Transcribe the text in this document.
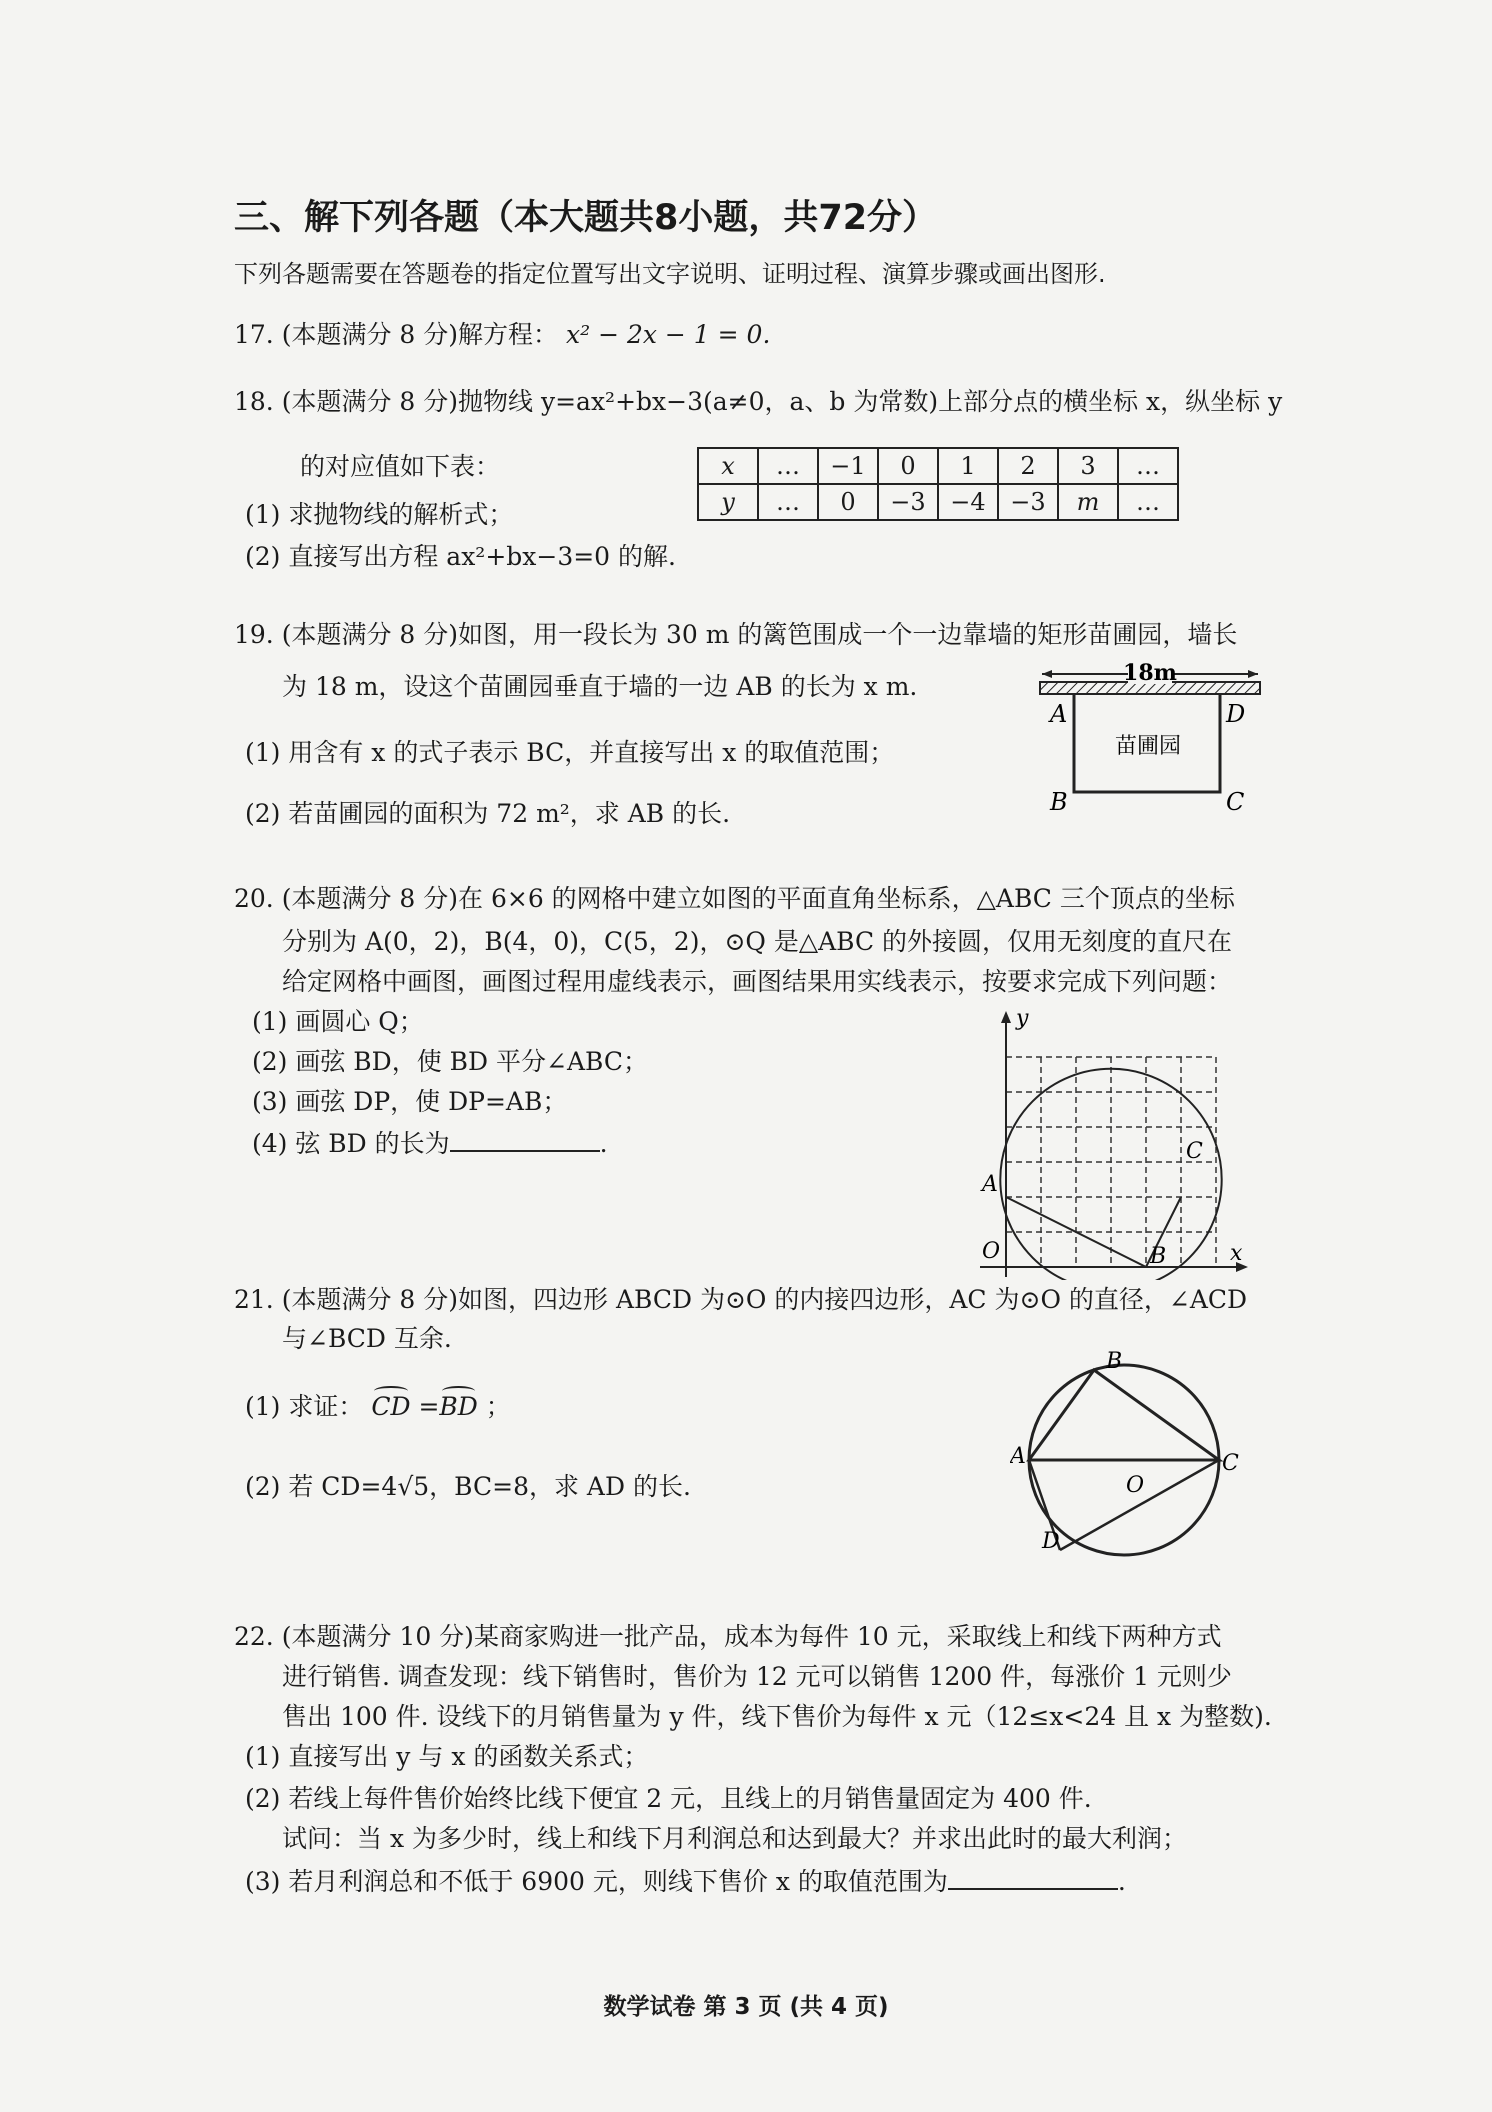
三、解下列各题（本大题共8小题，共72分）
下列各题需要在答题卷的指定位置写出文字说明、证明过程、演算步骤或画出图形.
17. (本题满分 8 分)解方程： x² − 2x − 1 = 0.
18. (本题满分 8 分)抛物线 y=ax²+bx−3(a≠0，a、b 为常数)上部分点的横坐标 x，纵坐标 y
的对应值如下表：
(1) 求抛物线的解析式；
(2) 直接写出方程 ax²+bx−3=0 的解.
x	…	−1	0	1	2	3	…
y	…	0	−3	−4	−3	m	…
19. (本题满分 8 分)如图，用一段长为 30 m 的篱笆围成一个一边靠墙的矩形苗圃园，墙长
为 18 m，设这个苗圃园垂直于墙的一边 AB 的长为 x m.
(1) 用含有 x 的式子表示 BC，并直接写出 x 的取值范围；
(2) 若苗圃园的面积为 72 m²，求 AB 的长.
18m
苗圃园
A	D
B	C
20. (本题满分 8 分)在 6×6 的网格中建立如图的平面直角坐标系，△ABC 三个顶点的坐标
分别为 A(0，2)，B(4，0)，C(5，2)，⊙Q 是△ABC 的外接圆，仅用无刻度的直尺在
给定网格中画图，画图过程用虚线表示，画图结果用实线表示，按要求完成下列问题：
(1) 画圆心 Q；
(2) 画弦 BD，使 BD 平分∠ABC；
(3) 画弦 DP，使 DP=AB；
(4) 弦 BD 的长为	.
y
x
O
A
B
C
21. (本题满分 8 分)如图，四边形 ABCD 为⊙O 的内接四边形，AC 为⊙O 的直径，∠ACD
与∠BCD 互余.
(1) 求证： CD =BD ；
(2) 若 CD=4√5，BC=8，求 AD 的长.
B
A	C
O
D
22. (本题满分 10 分)某商家购进一批产品，成本为每件 10 元，采取线上和线下两种方式
进行销售. 调查发现：线下销售时，售价为 12 元可以销售 1200 件，每涨价 1 元则少
售出 100 件. 设线下的月销售量为 y 件，线下售价为每件 x 元（12≤x<24 且 x 为整数).
(1) 直接写出 y 与 x 的函数关系式；
(2) 若线上每件售价始终比线下便宜 2 元，且线上的月销售量固定为 400 件.
试问：当 x 为多少时，线上和线下月利润总和达到最大？并求出此时的最大利润；
(3) 若月利润总和不低于 6900 元，则线下售价 x 的取值范围为	.
数学试卷 第 3 页 (共 4 页)
